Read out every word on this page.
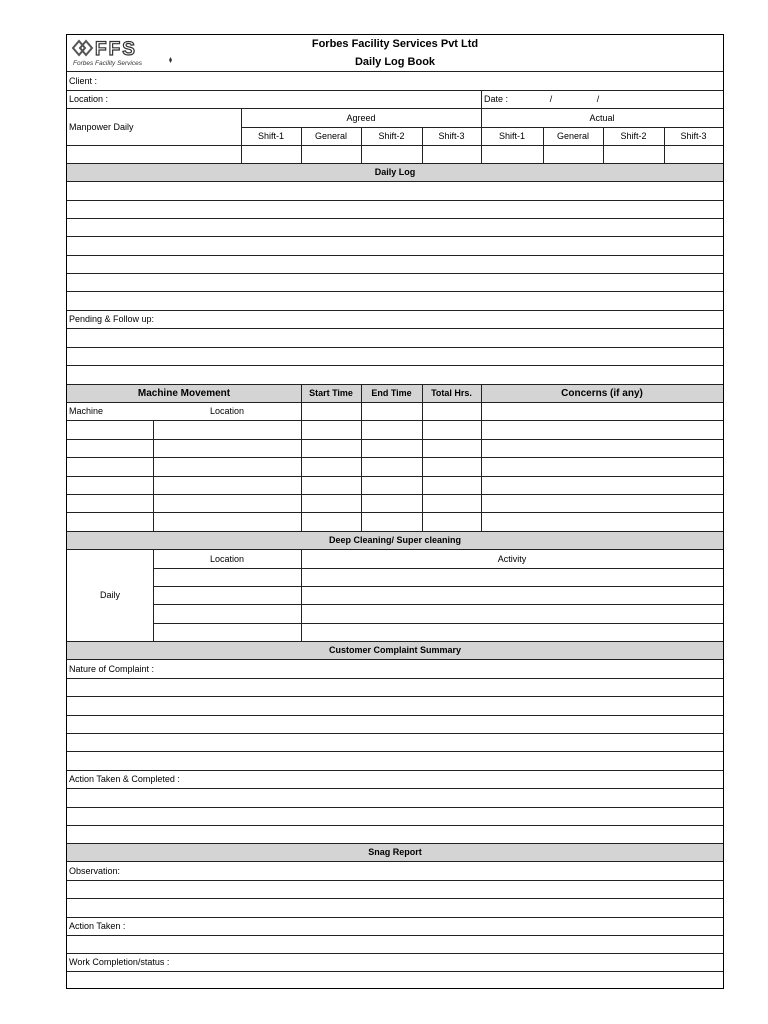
FFS
Forbes Facility Services
Forbes Facility Services Pvt Ltd
Daily Log Book
Client :
Location :	Date :	/	/
Manpower Daily
Agreed	Actual
Shift-1	General	Shift-2	Shift-3	Shift-1	General	Shift-2	Shift-3
Daily Log
Pending & Follow up:
Machine Movement	Start Time	End Time	Total Hrs.	Concerns (if any)
Machine	Location
Deep Cleaning/ Super cleaning
Location	Activity
Daily
Customer Complaint Summary
Nature of Complaint :
Action Taken & Completed :
Snag Report
Observation:
Action Taken :
Work Completion/status :
